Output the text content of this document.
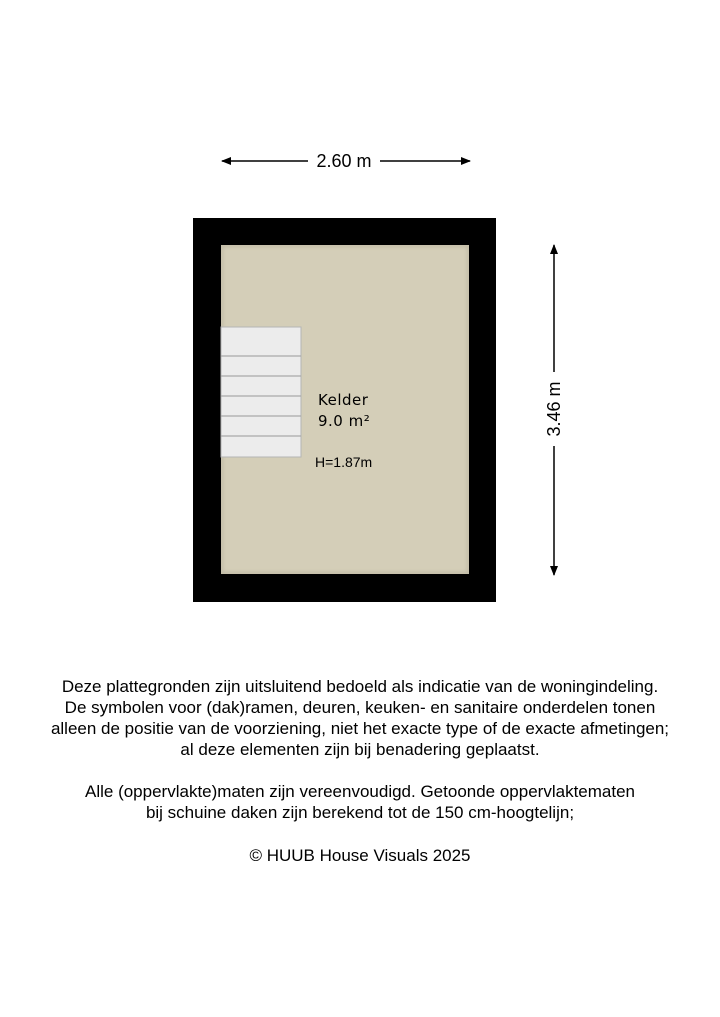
2.60 m
3.46 m
Kelder
9.0 m²
H=1.87m

Deze plattegronden zijn uitsluitend bedoeld als indicatie van de woningindeling.

De symbolen voor (dak)ramen, deuren, keuken- en sanitaire onderdelen tonen

alleen de positie van de voorziening, niet het exacte type of de exacte afmetingen;

al deze elementen zijn bij benadering geplaatst.

Alle (oppervlakte)maten zijn vereenvoudigd. Getoonde oppervlaktematen

bij schuine daken zijn berekend tot de 150 cm-hoogtelijn;

© HUUB House Visuals 2025
